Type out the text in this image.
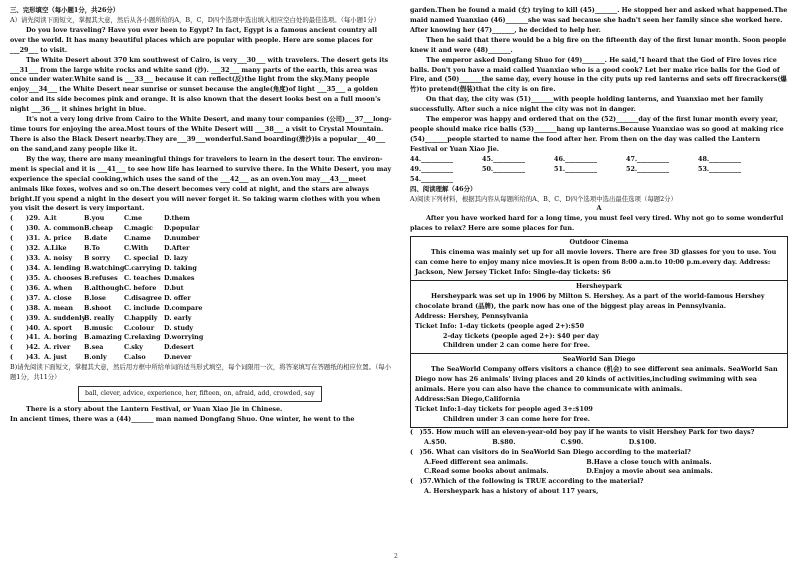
三、完形填空（每小题1分，共26分）

A）请先阅读下面短文，掌握其大意，然后从各小题所给的A，B，C，D四个选项中选出填入相应空白处的最佳选项。（每小题1分）

Do you love traveling? Have you ever been to Egypt? In fact, Egypt is a famous ancient country all over the world. It has many beautiful places which are popular with people. Here are some places for ___29___ to visit.

The White Desert about 370 km southwest of Cairo, is very___30___ with travelers. The desert gets its ___31___ from the large white rocks and white sand (沙). ___32___ many parts of the earth, this area was once under water.White sand is ___33___ because it can reflect(反)the light from the sky.Many people enjoy___34___ the White Desert near sunrise or sunset because the angle(角度)of light ___35___ a golden color and its side becomes pink and orange. It is also known that the desert looks best on a full moon's night ___36___ it shines bright in blue.

It's not a very long drive from Cairo to the White Desert, and many tour companies (公司)___37___long-time tours for enjoying the area.Most tours of the White Desert will ___38___ a visit to Crystal Mountain. There is also the Black Desert nearby.They are___39___wonderful.Sand boarding(滑沙)is a popular___40___ on the sand,and zany people like it.

By the way, there are many meaningful things for travelers to learn in the desert tour. The environ-ment is special and it is ___41___ to see how life has learned to survive there. In the White Desert, you may experience the special cooking,which uses the sand of the ___42___ as an oven.You may___43___meet animals like foxes, wolves and so on.The desert becomes very cold at night, and the stars are always bright.If you spend a night in the desert you will never forget it. So taking warm clothes with you when you visit the desert is very important.

( )29. A.it	B.you	C.me	D.them
( )30. A. commonB.cheap C.magic D.popular
( )31. A. price B.date	C.name D.number
( )32. A.Like	B.To	C.With D.After
( )33. A. noisy B sorry C. special D. lazy
( )34. A. lending B.watchingC.carrying D. taking
( )35. A. chooses B.refuses C. teaches D.makes
( )36. A. when B.althoughC. before D.but
( )37. A. close B.lose	C.disagree D. offer
( )38. A. mean B.shoot C. include D.compare
( )39. A. suddenlyB. really C.happily D. early
( )40. A. sport B.music C.colour D. study
( )41. A. boring B.amazing C.relaxing D.worrying
( )42. A. river B.sea	C.sky	D.desert
( )43. A. just	B.only	C.also	D.never

B)请先阅读下面短文，掌握其大意，然后用方框中所给单词的适当形式填空，每个词限用一次，将答案填写在答题纸的相应位置。（每小题1分，共11分）

ball, clever, advice, experience, her, fifteen, on, afraid, add, crowded, say

There is a story about the Lantern Festival, or Yuan Xiao Jie in Chinese.

In ancient times, there was a (44)_______ man named Dongfang Shuo. One winter, he went to the

garden.Then he found a maid (女) trying to kill (45)_______. He stopped her and asked what happened.The maid named Yuanxiao (46)_______she was sad because she hadn't seen her family since she worked here. After knowing her (47)_______, he decided to help her.

Then he said that there would be a big fire on the fifteenth day of the first lunar month. Soon people knew it and were (48)_______.

The emperor asked Dongfang Shuo for (49)_______. He said,"I heard that the God of Fire loves rice balls. Don't you have a maid called Yuanxiao who is a good cook? Let her make rice balls for the God of Fire, and (50)_______the same day, every house in the city puts up red lanterns and sets off firecrackers(爆竹)to pretend(假装)that the city is on fire.

On that day, the city was (51)_______with people holding lanterns, and Yuanxiao met her family successfully. After such a nice night the city was not in danger.

The emperor was happy and ordered that on the (52)_______day of the first lunar month every year, people should make rice balls (53)_______hang up lanterns.Because Yuanxiao was so good at making rice (54)_______people started to name the food after her. From then on the day was called the Lantern Festival or Yuan Xiao Jie.

44.__________	45.__________	46.__________	47.__________	48.__________
49.__________	50.__________	51.__________	52.__________	53.__________
54.__________

四、阅读理解（46分）

A)阅读下列材料，根据其内容从每题所给的A、B、C、D四个选项中选出最佳选项（每题2分）

A

After you have worked hard for a long time, you must feel very tired. Why not go to some wonderful places to relax? Here are some places for fun.

Outdoor Cinema

This cinema was mainly set up for all movie lovers. There are free 3D glasses for you to use. You can come here to enjoy many nice movies.It is open from 8:00 a.m.to 10:00 p.m.every day. Address: Jackson, New Jersey Ticket Info: Single-day tickets: $6

Hersheypark

Hersheypark was set up in 1906 by Milton S. Hershey. As a part of the world-famous Hershey chocolate brand (品牌), the park now has one of the biggest play areas in Pennsylvania.

Address: Hershey, Pennsylvania

Ticket Info: 1-day tickets (people aged 2+):$50

2-day tickets (people aged 2+): $40 per day

Children under 2 can come here for free.

SeaWorld San Diego

The SeaWorld Company offers visitors a chance (机会) to see different sea animals. SeaWorld San Diego now has 26 animals' living places and 20 kinds of activities,including swimming with sea animals. Here you can also have the chance to communicate with animals.

Address:San Diego,California

Ticket Info:1-day tickets for people aged 3+:$109

Children under 3 can come here for free.

(   )55. How much will an eleven-year-old boy pay if he wants to visit Hershey Park for two days?

A.$50.	B.$80.	C.$90.	D.$100.

(   )56. What can visitors do in SeaWorld San Diego according to the material?

A.Feed different sea animals.	B.Have a close touch with animals.

C.Read some books about animals.	D.Enjoy a movie about sea animals.

(   )57.Which of the following is TRUE according to the material?

A. Hersheypark has a history of about 117 years,

2
